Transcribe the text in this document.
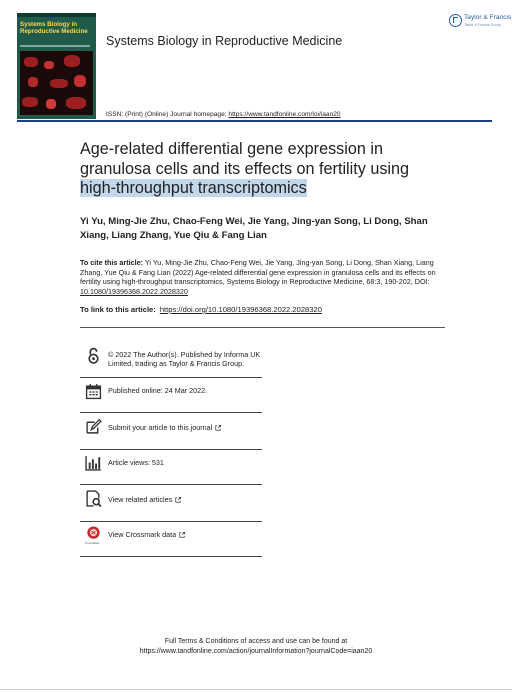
Systems Biology in Reproductive Medicine
Systems Biology in Reproductive Medicine
Taylor & Francis
Taylor & Francis Group
ISSN: (Print) (Online) Journal homepage: https://www.tandfonline.com/loi/iaan20
Age-related differential gene expression in granulosa cells and its effects on fertility using high-throughput transcriptomics
Yi Yu, Ming-Jie Zhu, Chao-Feng Wei, Jie Yang, Jing-yan Song, Li Dong, Shan Xiang, Liang Zhang, Yue Qiu & Fang Lian
To cite this article: Yi Yu, Ming-Jie Zhu, Chao-Feng Wei, Jie Yang, Jing-yan Song, Li Dong, Shan Xiang, Liang Zhang, Yue Qiu & Fang Lian (2022) Age-related differential gene expression in granulosa cells and its effects on fertility using high-throughput transcriptomics, Systems Biology in Reproductive Medicine, 68:3, 190-202, DOI: 10.1080/19396368.2022.2028320
To link to this article: https://doi.org/10.1080/19396368.2022.2028320
© 2022 The Author(s). Published by Informa UK Limited, trading as Taylor & Francis Group.
Published online: 24 Mar 2022.
Submit your article to this journal
Article views: 531
View related articles
CrossMark
View Crossmark data
Full Terms & Conditions of access and use can be found at
https://www.tandfonline.com/action/journalInformation?journalCode=iaan20
